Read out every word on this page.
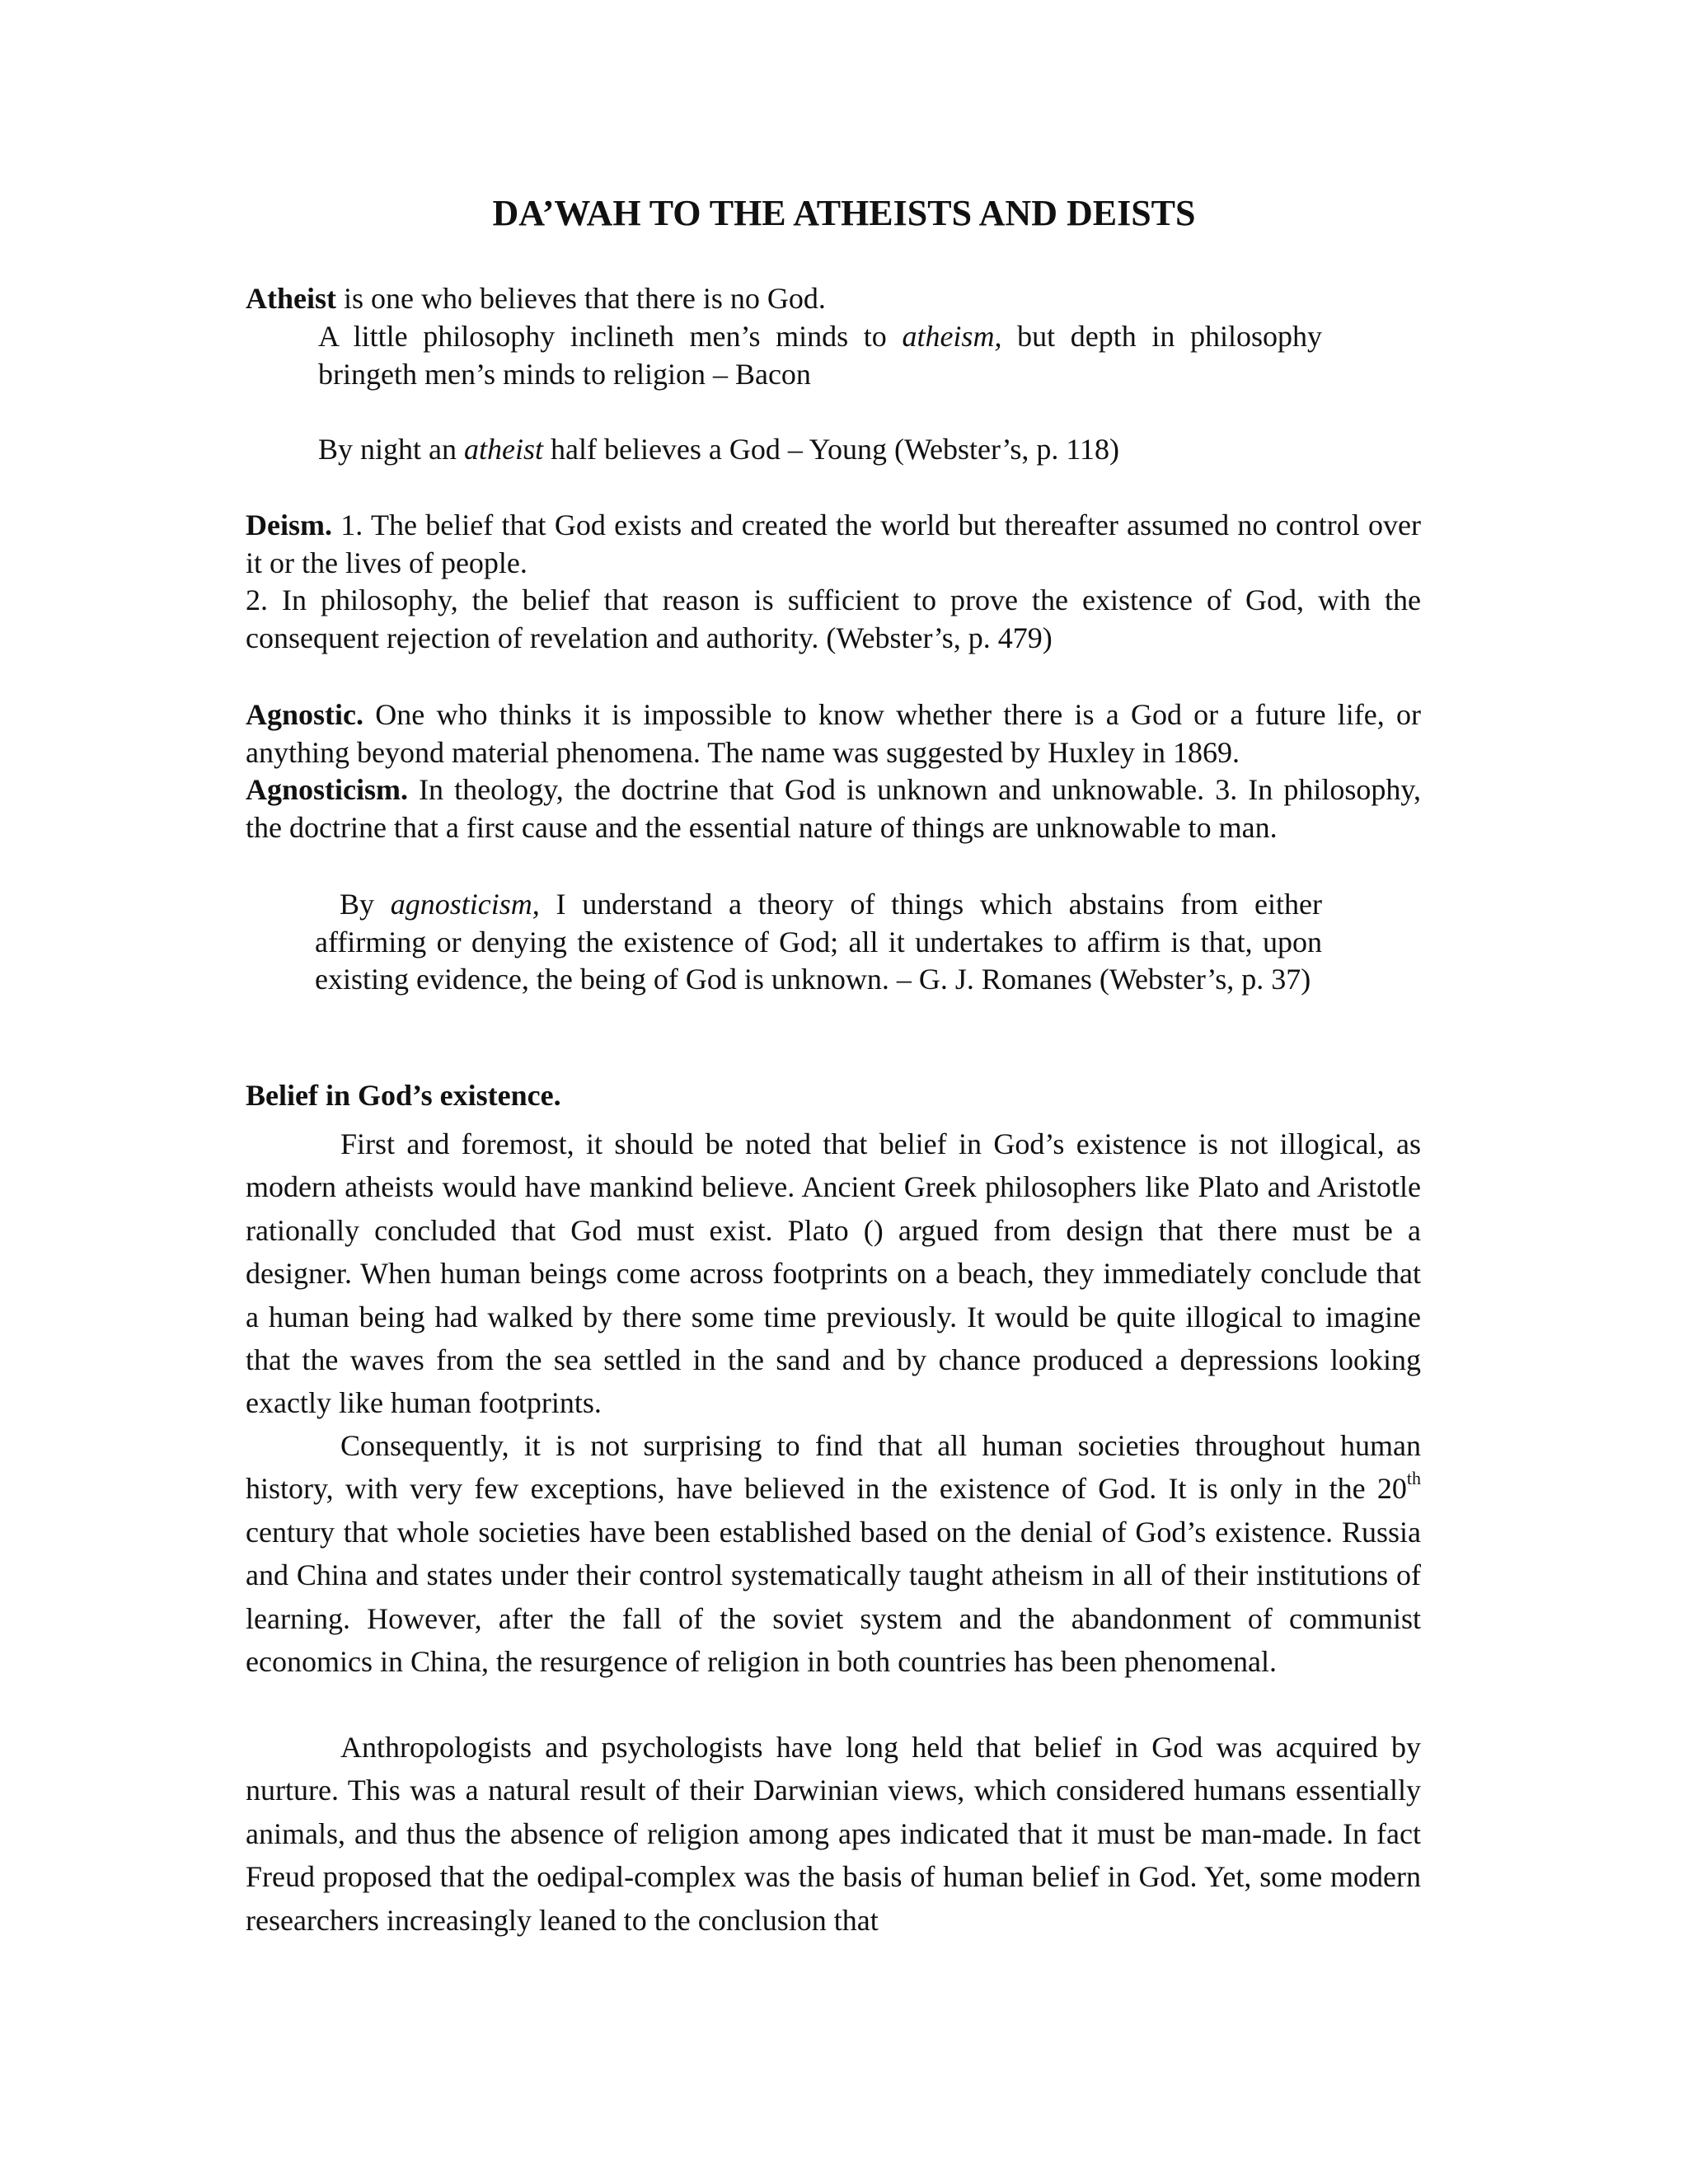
DA’WAH TO THE ATHEISTS AND DEISTS

Atheist is one who believes that there is no God.

A little philosophy inclineth men’s minds to atheism, but depth in philosophy bringeth men’s minds to religion – Bacon

By night an atheist half believes a God – Young (Webster’s, p. 118)

Deism. 1. The belief that God exists and created the world but thereafter assumed no control over it or the lives of people.
2. In philosophy, the belief that reason is sufficient to prove the existence of God, with the consequent rejection of revelation and authority. (Webster’s, p. 479)

Agnostic. One who thinks it is impossible to know whether there is a God or a future life, or anything beyond material phenomena. The name was suggested by Huxley in 1869.
Agnosticism. In theology, the doctrine that God is unknown and unknowable. 3. In philosophy, the doctrine that a first cause and the essential nature of things are unknowable to man.

By agnosticism, I understand a theory of things which abstains from either affirming or denying the existence of God; all it undertakes to affirm is that, upon existing evidence, the being of God is unknown. – G. J. Romanes (Webster’s, p. 37)

Belief in God’s existence.

First and foremost, it should be noted that belief in God’s existence is not illogical, as modern atheists would have mankind believe. Ancient Greek philosophers like Plato and Aristotle rationally concluded that God must exist. Plato () argued from design that there must be a designer. When human beings come across footprints on a beach, they immediately conclude that a human being had walked by there some time previously. It would be quite illogical to imagine that the waves from the sea settled in the sand and by chance produced a depressions looking exactly like human footprints.

Consequently, it is not surprising to find that all human societies throughout human history, with very few exceptions, have believed in the existence of God. It is only in the 20th century that whole societies have been established based on the denial of God’s existence. Russia and China and states under their control systematically taught atheism in all of their institutions of learning. However, after the fall of the soviet system and the abandonment of communist economics in China, the resurgence of religion in both countries has been phenomenal.

Anthropologists and psychologists have long held that belief in God was acquired by nurture. This was a natural result of their Darwinian views, which considered humans essentially animals, and thus the absence of religion among apes indicated that it must be man-made. In fact Freud proposed that the oedipal-complex was the basis of human belief in God. Yet, some modern researchers increasingly leaned to the conclusion that
